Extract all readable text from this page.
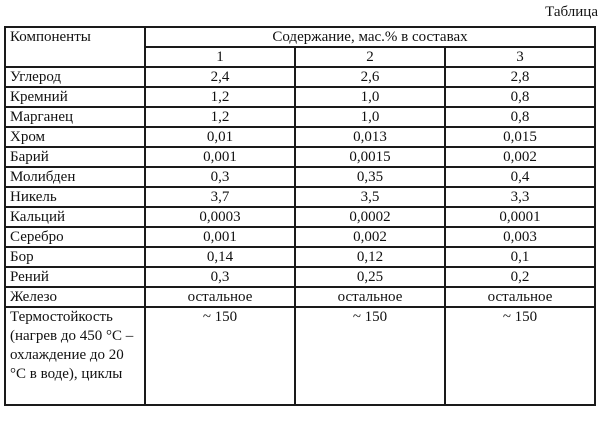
Таблица
Компоненты	Содержание, мас.% в составах		
	1	2	3
Углерод	2,4	2,6	2,8
Кремний	1,2	1,0	0,8
Марганец	1,2	1,0	0,8
Хром	0,01	0,013	0,015
Барий	0,001	0,0015	0,002
Молибден	0,3	0,35	0,4
Никель	3,7	3,5	3,3
Кальций	0,0003	0,0002	0,0001
Серебро	0,001	0,002	0,003
Бор	0,14	0,12	0,1
Рений	0,3	0,25	0,2
Железо	остальное	остальное	остальное
Термостойкость (нагрев до 450 °С – охлаждение до 20 °С в воде), циклы	~ 150	~ 150	~ 150
